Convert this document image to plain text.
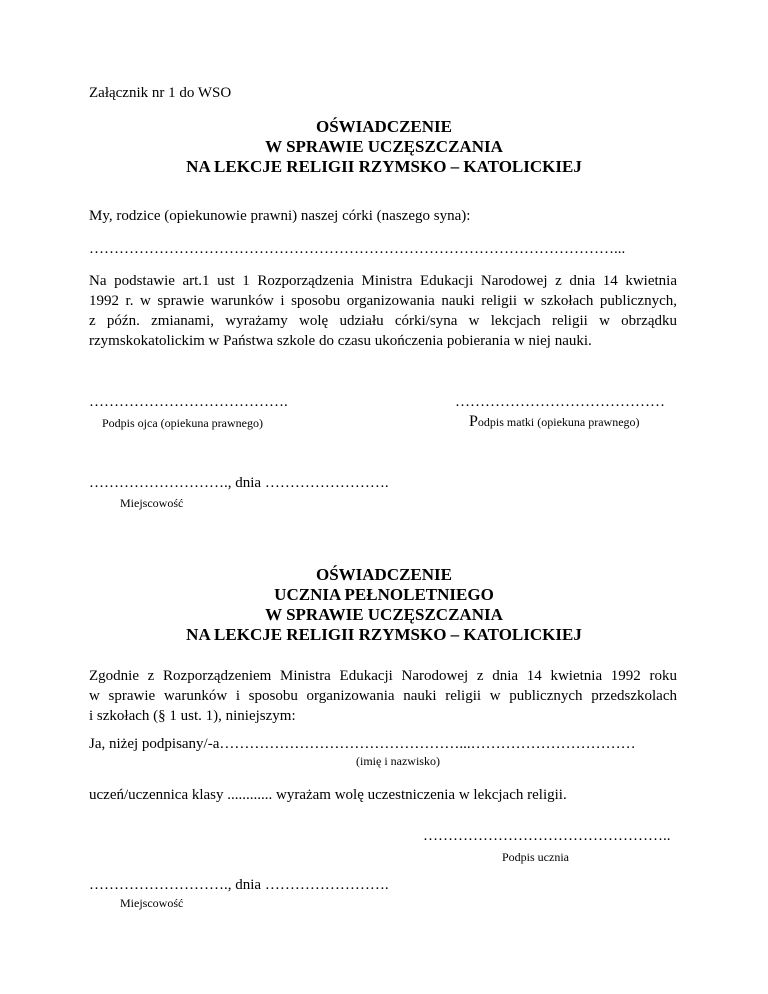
Załącznik nr 1 do WSO
OŚWIADCZENIE
W SPRAWIE UCZĘSZCZANIA
NA LEKCJE RELIGII RZYMSKO – KATOLICKIEJ
My, rodzice (opiekunowie prawni) naszej córki (naszego syna):
……………………………………………………………………………………………...
Na podstawie art.1 ust 1 Rozporządzenia Ministra Edukacji Narodowej z dnia 14 kwietnia
1992 r. w sprawie warunków i sposobu organizowania nauki religii w szkołach publicznych,
z późn. zmianami, wyrażamy wolę udziału córki/syna w lekcjach religii w obrządku
rzymskokatolickim w Państwa szkole do czasu ukończenia pobierania w niej nauki.
………………………………….
Podpis ojca (opiekuna prawnego)
……………………………………
Podpis matki (opiekuna prawnego)
………………………., dnia …………………….
Miejscowość
OŚWIADCZENIE
UCZNIA PEŁNOLETNIEGO
W SPRAWIE UCZĘSZCZANIA
NA LEKCJE RELIGII RZYMSKO – KATOLICKIEJ
Zgodnie z Rozporządzeniem Ministra Edukacji Narodowej z dnia 14 kwietnia 1992 roku
w sprawie warunków i sposobu organizowania nauki religii w publicznych przedszkolach
i szkołach (§ 1 ust. 1), niniejszym:
Ja, niżej podpisany/-a…………………………………………...……………………………
(imię i nazwisko)
uczeń/uczennica klasy ............ wyrażam wolę uczestniczenia w lekcjach religii.
…………………………………………..
Podpis ucznia
………………………., dnia …………………….
Miejscowość
